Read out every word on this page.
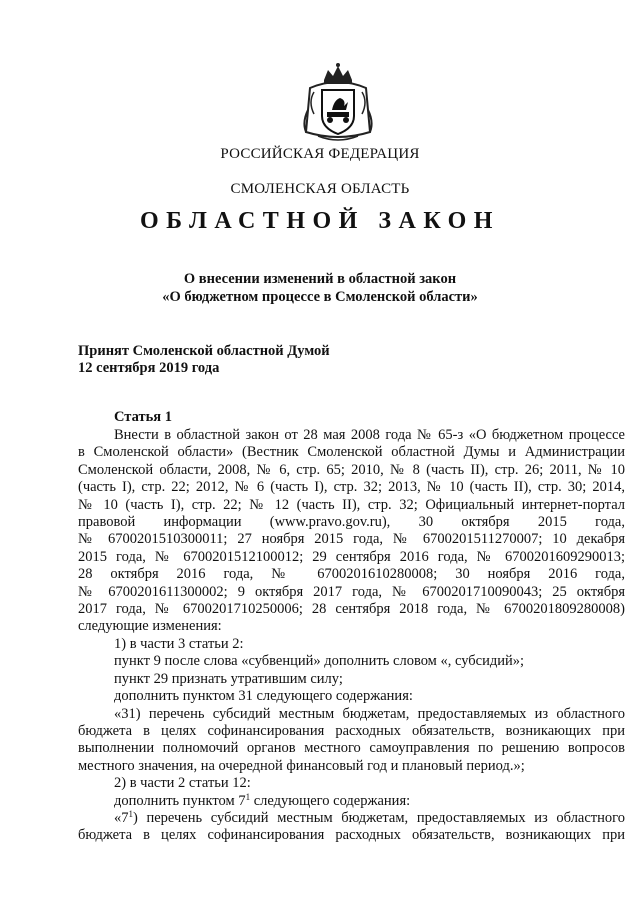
РОССИЙСКАЯ ФЕДЕРАЦИЯ
СМОЛЕНСКАЯ ОБЛАСТЬ
ОБЛАСТНОЙ ЗАКОН
О внесении изменений в областной закон
«О бюджетном процессе в Смоленской области»
Принят Смоленской областной Думой
12 сентября 2019 года
Статья 1

Внести в областной закон от 28 мая 2008 года № 65-з «О бюджетном процессе

в Смоленской области» (Вестник Смоленской областной Думы и Администрации

Смоленской области, 2008, № 6, стр. 65; 2010, № 8 (часть II), стр. 26; 2011, № 10

(часть I), стр. 22; 2012, № 6 (часть I), стр. 32; 2013, № 10 (часть II), стр. 30; 2014,

№ 10 (часть I), стр. 22; № 12 (часть II), стр. 32; Официальный интернет-портал

правовой информации (www.pravo.gov.ru), 30 октября 2015 года,

№ 6700201510300011; 27 ноября 2015 года, № 6700201511270007; 10 декабря

2015 года, № 6700201512100012; 29 сентября 2016 года, № 6700201609290013;

28 октября 2016 года, № 6700201610280008; 30 ноября 2016 года,

№ 6700201611300002; 9 октября 2017 года, № 6700201710090043; 25 октября

2017 года, № 6700201710250006; 28 сентября 2018 года, № 6700201809280008)

следующие изменения:

1) в части 3 статьи 2:

пункт 9 после слова «субвенций» дополнить словом «, субсидий»;

пункт 29 признать утратившим силу;

дополнить пунктом 31 следующего содержания:

«31) перечень субсидий местным бюджетам, предоставляемых из областного

бюджета в целях софинансирования расходных обязательств, возникающих при

выполнении полномочий органов местного самоуправления по решению вопросов

местного значения, на очередной финансовый год и плановый период.»;

2) в части 2 статьи 12:

дополнить пунктом $7^1$ следующего содержания:

«$7^1$) перечень субсидий местным бюджетам, предоставляемых из областного

бюджета в целях софинансирования расходных обязательств, возникающих при
